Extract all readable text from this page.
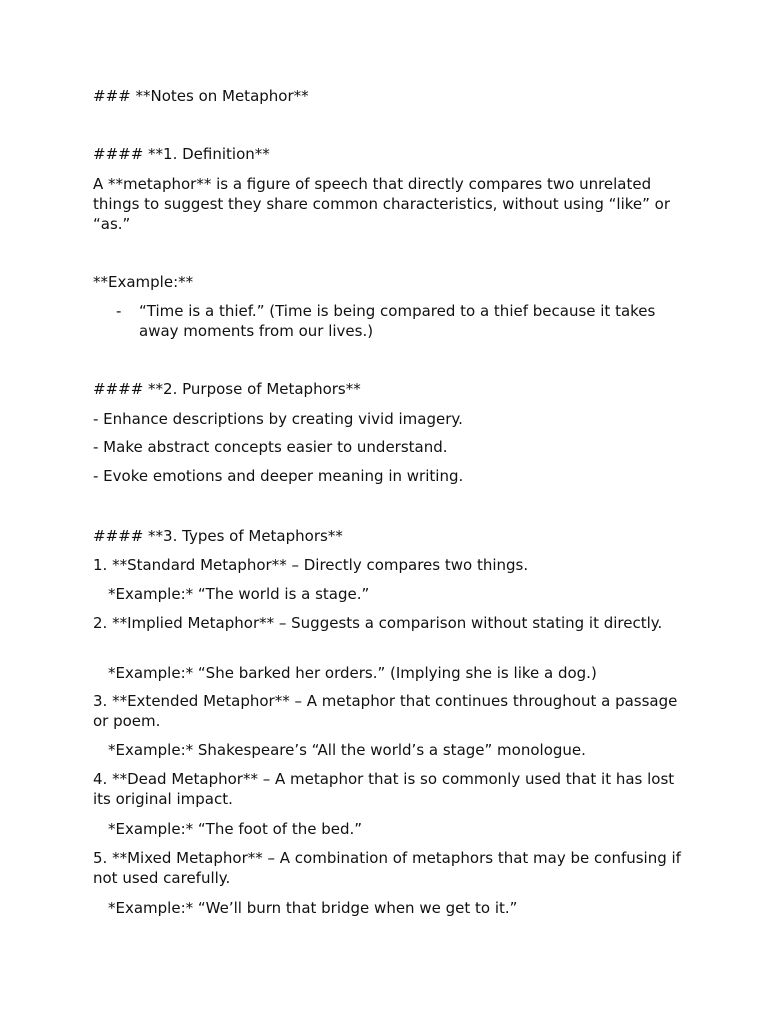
### **Notes on Metaphor**
#### **1. Definition**
A **metaphor** is a figure of speech that directly compares two unrelated things to suggest they share common characteristics, without using “like” or “as.”
**Example:**
- “Time is a thief.” (Time is being compared to a thief because it takes away moments from our lives.)
#### **2. Purpose of Metaphors**
- Enhance descriptions by creating vivid imagery.
- Make abstract concepts easier to understand.
- Evoke emotions and deeper meaning in writing.
#### **3. Types of Metaphors**
1. **Standard Metaphor** – Directly compares two things.
*Example:* “The world is a stage.”
2. **Implied Metaphor** – Suggests a comparison without stating it directly.
*Example:* “She barked her orders.” (Implying she is like a dog.)
3. **Extended Metaphor** – A metaphor that continues throughout a passage or poem.
*Example:* Shakespeare’s “All the world’s a stage” monologue.
4. **Dead Metaphor** – A metaphor that is so commonly used that it has lost its original impact.
*Example:* “The foot of the bed.”
5. **Mixed Metaphor** – A combination of metaphors that may be confusing if not used carefully.
*Example:* “We’ll burn that bridge when we get to it.”
